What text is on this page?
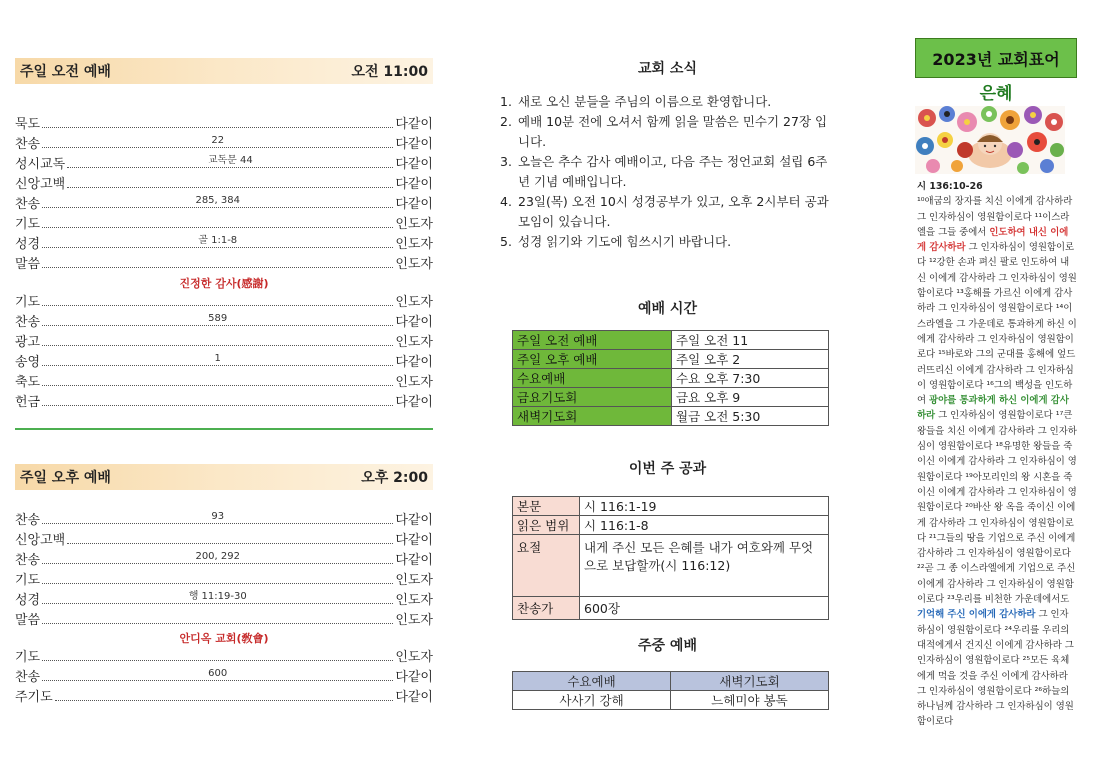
주일 오전 예배	오전 11:00
묵도	다같이
찬송	22	다같이
성시교독	교독문 44	다같이
신앙고백	다같이
찬송	285, 384	다같이
기도	인도자
성경	골 1:1-8	인도자
말씀	인도자
진정한 감사(感謝)
기도	인도자
찬송	589	다같이
광고	인도자
송영	1	다같이
축도	인도자
헌금	다같이
주일 오후 예배	오후 2:00
찬송	93	다같이
신앙고백	다같이
찬송	200, 292	다같이
기도	인도자
성경	행 11:19-30	인도자
말씀	인도자
안디옥 교회(敎會)
기도	인도자
찬송	600	다같이
주기도	다같이
교회 소식
1. 새로 오신 분들을 주님의 이름으로 환영합니다.
2. 예배 10분 전에 오셔서 함께 읽을 말씀은 민수기 27장 입니다.
3. 오늘은 추수 감사 예배이고, 다음 주는 정언교회 설립 6주년 기념 예배입니다.
4. 23일(목) 오전 10시 성경공부가 있고, 오후 2시부터 공과 모임이 있습니다.
5. 성경 읽기와 기도에 힘쓰시기 바랍니다.
예배 시간
주일 오전 예배	주일 오전 11
주일 오후 예배	주일 오후 2
수요예배	수요 오후 7:30
금요기도회	금요 오후 9
새벽기도회	월금 오전 5:30
이번 주 공과
본문	시 116:1-19
읽은 범위	시 116:1-8
요절	내게 주신 모든 은혜를 내가 여호와께 무엇으로 보답할까(시 116:12)
찬송가	600장
주중 예배
수요예배	새벽기도회
사사기 강해	느헤미야 봉독
2023년 교회표어
은혜
시 136:10-26
¹⁰애굽의 장자를 치신 이에게 감사하라 그 인자하심이 영원함이로다 ¹¹이스라엘을 그들 중에서 인도하여 내신 이에게 감사하라 그 인자하심이 영원함이로다 ¹²강한 손과 펴신 팔로 인도하여 내신 이에게 감사하라 그 인자하심이 영원함이로다 ¹³홍해를 가르신 이에게 감사하라 그 인자하심이 영원함이로다 ¹⁴이스라엘을 그 가운데로 통과하게 하신 이에게 감사하라 그 인자하심이 영원함이로다 ¹⁵바로와 그의 군대를 홍해에 엎드러뜨리신 이에게 감사하라 그 인자하심이 영원함이로다 ¹⁶그의 백성을 인도하여 광야를 통과하게 하신 이에게 감사하라 그 인자하심이 영원함이로다 ¹⁷큰 왕들을 치신 이에게 감사하라 그 인자하심이 영원함이로다 ¹⁸유명한 왕들을 죽이신 이에게 감사하라 그 인자하심이 영원함이로다 ¹⁹아모리인의 왕 시혼을 죽이신 이에게 감사하라 그 인자하심이 영원함이로다 ²⁰바산 왕 옥을 죽이신 이에게 감사하라 그 인자하심이 영원함이로다 ²¹그들의 땅을 기업으로 주신 이에게 감사하라 그 인자하심이 영원함이로다 ²²곧 그 종 이스라엘에게 기업으로 주신 이에게 감사하라 그 인자하심이 영원함이로다 ²³우리를 비천한 가운데에서도 기억해 주신 이에게 감사하라 그 인자하심이 영원함이로다 ²⁴우리를 우리의 대적에게서 건지신 이에게 감사하라 그 인자하심이 영원함이로다 ²⁵모든 육체에게 먹을 것을 주신 이에게 감사하라 그 인자하심이 영원함이로다 ²⁶하늘의 하나님께 감사하라 그 인자하심이 영원함이로다
